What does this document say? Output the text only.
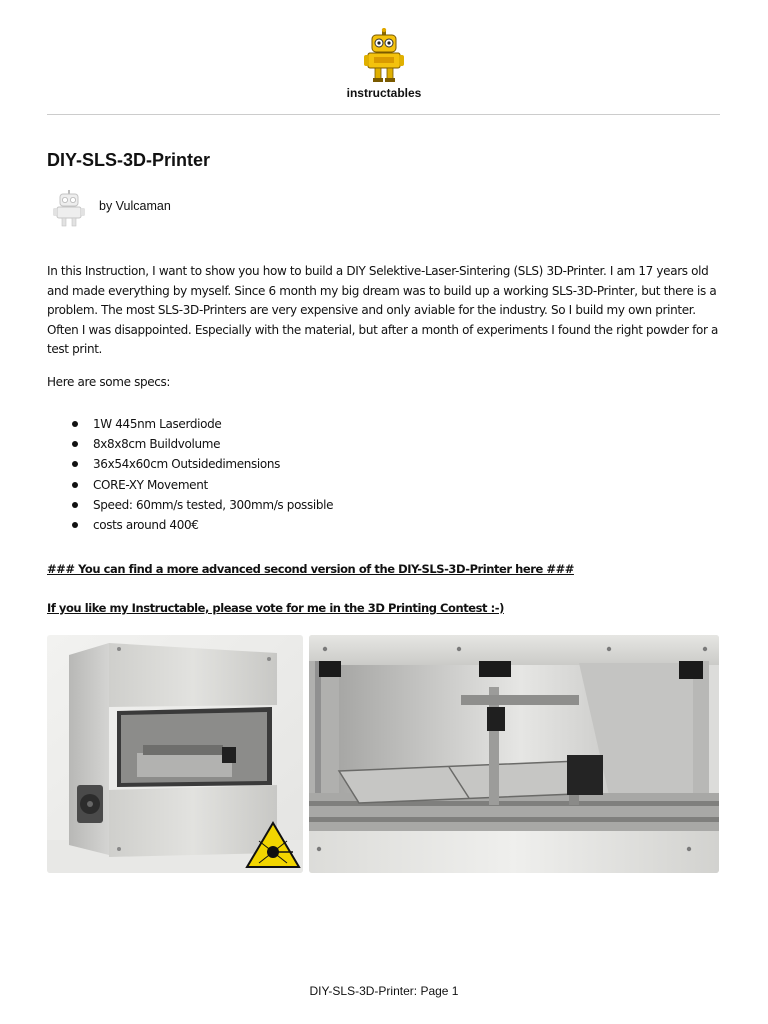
instructables
DIY-SLS-3D-Printer
by Vulcaman

In this Instruction, I want to show you how to build a DIY Selektive-Laser-Sintering (SLS) 3D-Printer. I am 17 years old and made everything by myself. Since 6 month my big dream was to build up a working SLS-3D-Printer, but there is a problem. The most SLS-3D-Printers are very expensive and only aviable for the industry. So I build my own printer. Often I was disappointed. Especially with the material, but after a month of experiments I found the right powder for a test print.

Here are some specs:

1W 445nm Laserdiode
8x8x8cm Buildvolume
36x54x60cm Outsidedimensions
CORE-XY Movement
Speed: 60mm/s tested, 300mm/s possible
costs around 400€

### You can find a more advanced second version of the DIY-SLS-3D-Printer here ###

If you like my Instructable, please vote for me in the 3D Printing Contest :-)

DIY-SLS-3D-Printer: Page 1
